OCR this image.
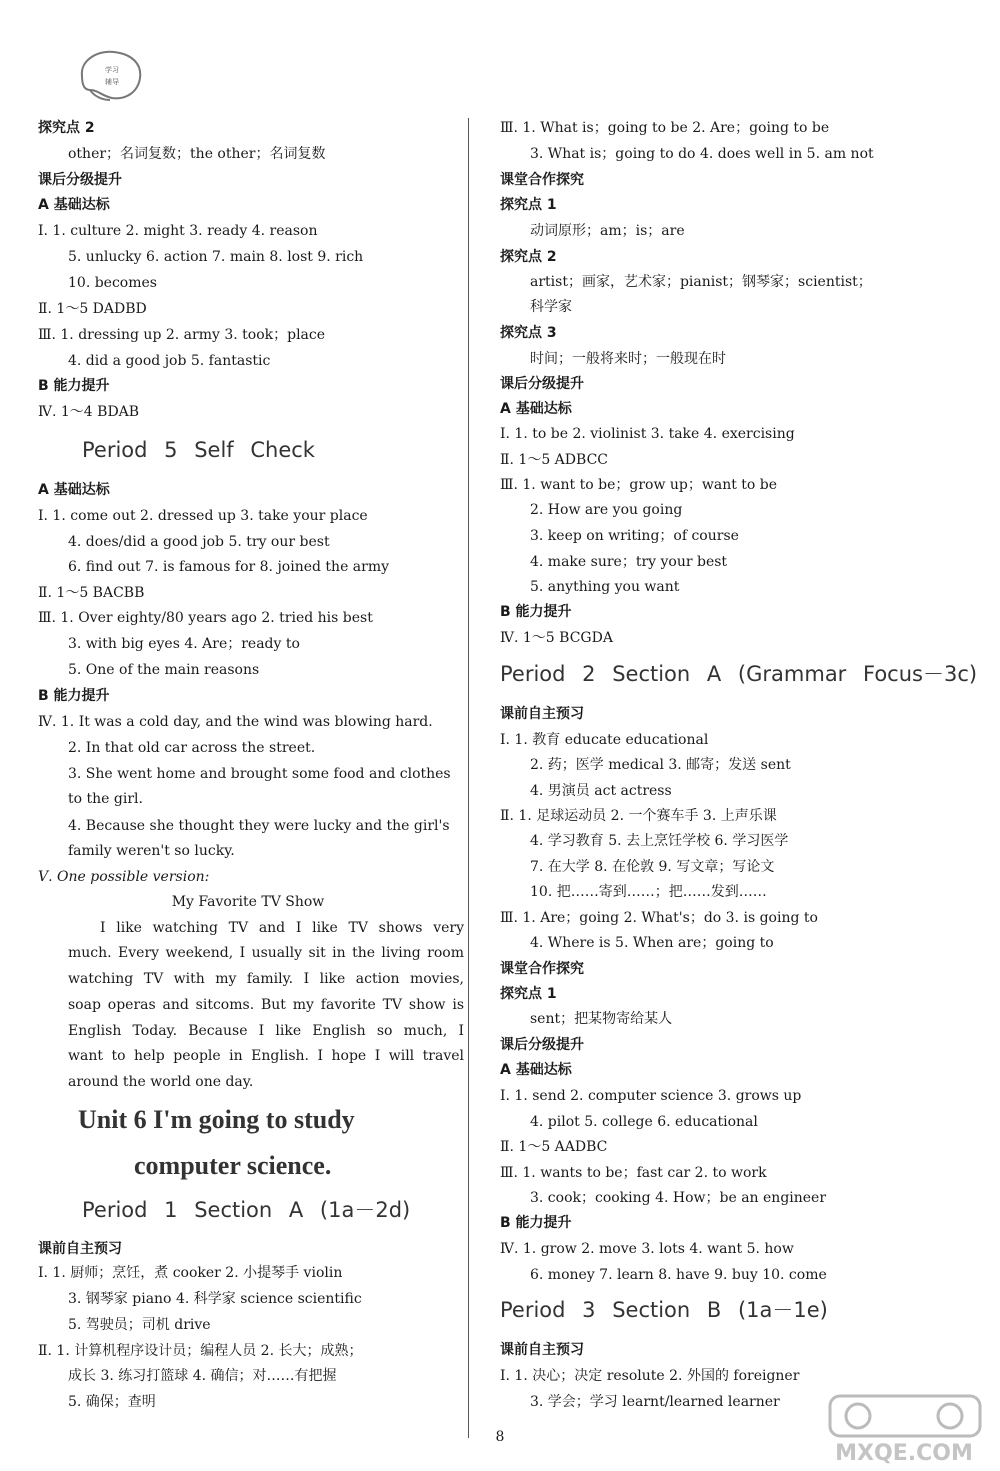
学习
辅导
探究点 2
other；名词复数；the other；名词复数
课后分级提升
A 基础达标
Ⅰ. 1. culture 2. might 3. ready 4. reason
5. unlucky 6. action 7. main 8. lost 9. rich
10. becomes
Ⅱ. 1～5 DADBD
Ⅲ. 1. dressing up 2. army 3. took；place
4. did a good job 5. fantastic
B 能力提升
Ⅳ. 1～4 BDAB
Period 5 Self Check
A 基础达标
Ⅰ. 1. come out 2. dressed up 3. take your place
4. does/did a good job 5. try our best
6. find out 7. is famous for 8. joined the army
Ⅱ. 1～5 BACBB
Ⅲ. 1. Over eighty/80 years ago 2. tried his best
3. with big eyes 4. Are；ready to
5. One of the main reasons
B 能力提升
Ⅳ. 1. It was a cold day, and the wind was blowing hard.
2. In that old car across the street.
3. She went home and brought some food and clothes
to the girl.
4. Because she thought they were lucky and the girl's
family weren't so lucky.
Ⅴ. One possible version:
My Favorite TV Show
I like watching TV and I like TV shows very
much. Every weekend, I usually sit in the living room
watching TV with my family. I like action movies,
soap operas and sitcoms. But my favorite TV show is
English Today. Because I like English so much, I
want to help people in English. I hope I will travel
around the world one day.
Unit 6 I'm going to study
computer science.
Period 1 Section A (1a－2d)
课前自主预习
Ⅰ. 1. 厨师；烹饪，煮 cooker 2. 小提琴手 violin
3. 钢琴家 piano 4. 科学家 science scientific
5. 驾驶员；司机 drive
Ⅱ. 1. 计算机程序设计员；编程人员 2. 长大；成熟；
成长 3. 练习打篮球 4. 确信；对……有把握
5. 确保；查明
Ⅲ. 1. What is；going to be 2. Are；going to be
3. What is；going to do 4. does well in 5. am not
课堂合作探究
探究点 1
动词原形；am；is；are
探究点 2
artist；画家，艺术家；pianist；钢琴家；scientist；
科学家
探究点 3
时间；一般将来时；一般现在时
课后分级提升
A 基础达标
Ⅰ. 1. to be 2. violinist 3. take 4. exercising
Ⅱ. 1～5 ADBCC
Ⅲ. 1. want to be；grow up；want to be
2. How are you going
3. keep on writing；of course
4. make sure；try your best
5. anything you want
B 能力提升
Ⅳ. 1～5 BCGDA
Period 2 Section A (Grammar Focus－3c)
课前自主预习
Ⅰ. 1. 教育 educate educational
2. 药；医学 medical 3. 邮寄；发送 sent
4. 男演员 act actress
Ⅱ. 1. 足球运动员 2. 一个赛车手 3. 上声乐课
4. 学习教育 5. 去上烹饪学校 6. 学习医学
7. 在大学 8. 在伦敦 9. 写文章；写论文
10. 把……寄到……；把……发到……
Ⅲ. 1. Are；going 2. What's；do 3. is going to
4. Where is 5. When are；going to
课堂合作探究
探究点 1
sent；把某物寄给某人
课后分级提升
A 基础达标
Ⅰ. 1. send 2. computer science 3. grows up
4. pilot 5. college 6. educational
Ⅱ. 1～5 AADBC
Ⅲ. 1. wants to be；fast car 2. to work
3. cook；cooking 4. How；be an engineer
B 能力提升
Ⅳ. 1. grow 2. move 3. lots 4. want 5. how
6. money 7. learn 8. have 9. buy 10. come
Period 3 Section B (1a－1e)
课前自主预习
Ⅰ. 1. 决心；决定 resolute 2. 外国的 foreigner
3. 学会；学习 learnt/learned learner
8
MXQE.COM
